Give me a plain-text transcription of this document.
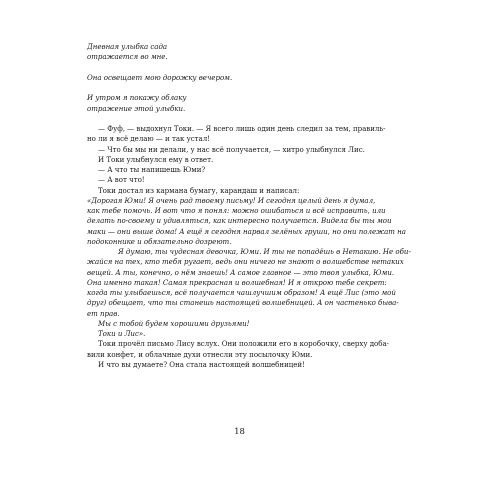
Дневная улыбка сада
отражается во мне.
Она освещает мою дорожку вечером.
И утром я покажу облаку
отражение этой улыбки.
— Фуф, — выдохнул Токи. — Я всего лишь один день следил за тем, правиль-
но ли я всё делаю — и так устал!
— Что бы мы ни делали, у нас всё получается, — хитро улыбнулся Лис.
И Токи улыбнулся ему в ответ.
— А что ты напишешь Юми?
— А вот что!
Токи достал из кармана бумагу, карандаш и написал:
«Дорогая Юми! Я очень рад твоему письму! И сегодня целый день я думал,
как тебе помочь. И вот что я понял: можно ошибаться и всё исправить, или
делать по-своему и удивляться, как интересно получается. Видела бы ты мои
маки — они выше дома! А ещё я сегодня нарвал зелёных груши, но они полежат на
подоконнике и обязательно дозреют.
Я думаю, ты чудесная девочка, Юми. И ты не попадёшь в Нетакию. Не оби-
жайся на тех, кто тебя ругает, ведь они ничего не знают о волшебстве нетаких
вещей. А ты, конечно, о нём знаешь! А самое главное — это твоя улыбка, Юми.
Она именно такая! Самая прекрасная и волшебная! И я открою тебе секрет:
когда ты улыбаешься, всё получается чашлучшим образом! А ещё Лис (это мой
друг) обещает, что ты станешь настоящей волшебницей. А он частенько быва-
ет прав.
Мы с тобой будем хорошими друзьями!
Токи и Лис».
Токи прочёл письмо Лису вслух. Они положили его в коробочку, сверху доба-
вили конфет, и облачные духи отнесли эту посылочку Юми.
И что вы думаете? Она стала настоящей волшебницей!
18
